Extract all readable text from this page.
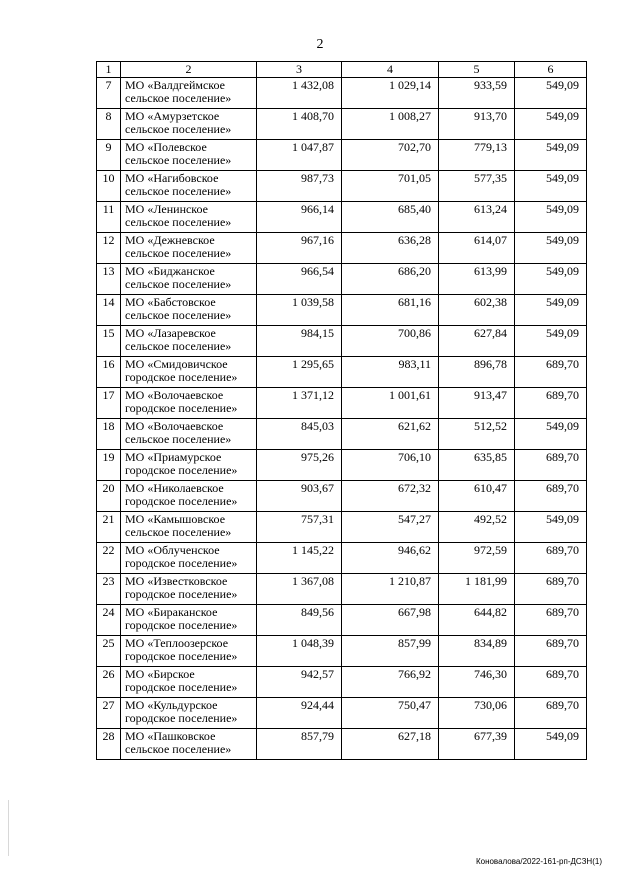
2
1	2	3	4	5	6
7	МО «Валдгеймское
сельское поселение»	1 432,08	1 029,14	933,59	549,09
8	МО «Амурзетское
сельское поселение»	1 408,70	1 008,27	913,70	549,09
9	МО «Полевское
сельское поселение»	1 047,87	702,70	779,13	549,09
10	МО «Нагибовское
сельское поселение»	987,73	701,05	577,35	549,09
11	МО «Ленинское
сельское поселение»	966,14	685,40	613,24	549,09
12	МО «Дежневское
сельское поселение»	967,16	636,28	614,07	549,09
13	МО «Биджанское
сельское поселение»	966,54	686,20	613,99	549,09
14	МО «Бабстовское
сельское поселение»	1 039,58	681,16	602,38	549,09
15	МО «Лазаревское
сельское поселение»	984,15	700,86	627,84	549,09
16	МО «Смидовичское
городское поселение»	1 295,65	983,11	896,78	689,70
17	МО «Волочаевское
городское поселение»	1 371,12	1 001,61	913,47	689,70
18	МО «Волочаевское
сельское поселение»	845,03	621,62	512,52	549,09
19	МО «Приамурское
городское поселение»	975,26	706,10	635,85	689,70
20	МО «Николаевское
городское поселение»	903,67	672,32	610,47	689,70
21	МО «Камышовское
сельское поселение»	757,31	547,27	492,52	549,09
22	МО «Облученское
городское поселение»	1 145,22	946,62	972,59	689,70
23	МО «Известковское
городское поселение»	1 367,08	1 210,87	1 181,99	689,70
24	МО «Бираканское
городское поселение»	849,56	667,98	644,82	689,70
25	МО «Теплоозерское
городское поселение»	1 048,39	857,99	834,89	689,70
26	МО «Бирское
городское поселение»	942,57	766,92	746,30	689,70
27	МО «Кульдурское
городское поселение»	924,44	750,47	730,06	689,70
28	МО «Пашковское
сельское поселение»	857,79	627,18	677,39	549,09
Коновалова/2022-161-рп-ДСЗН(1)
